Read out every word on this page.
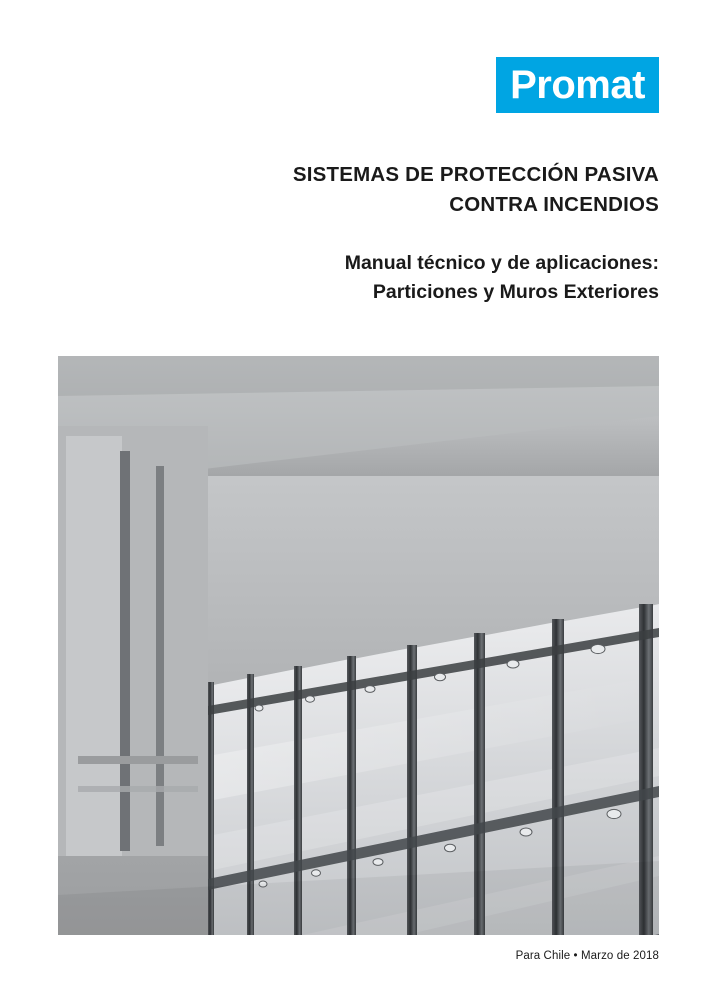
Promat
SISTEMAS DE PROTECCIÓN PASIVA
CONTRA INCENDIOS
Manual técnico y de aplicaciones:
Particiones y Muros Exteriores
Para Chile • Marzo de 2018
